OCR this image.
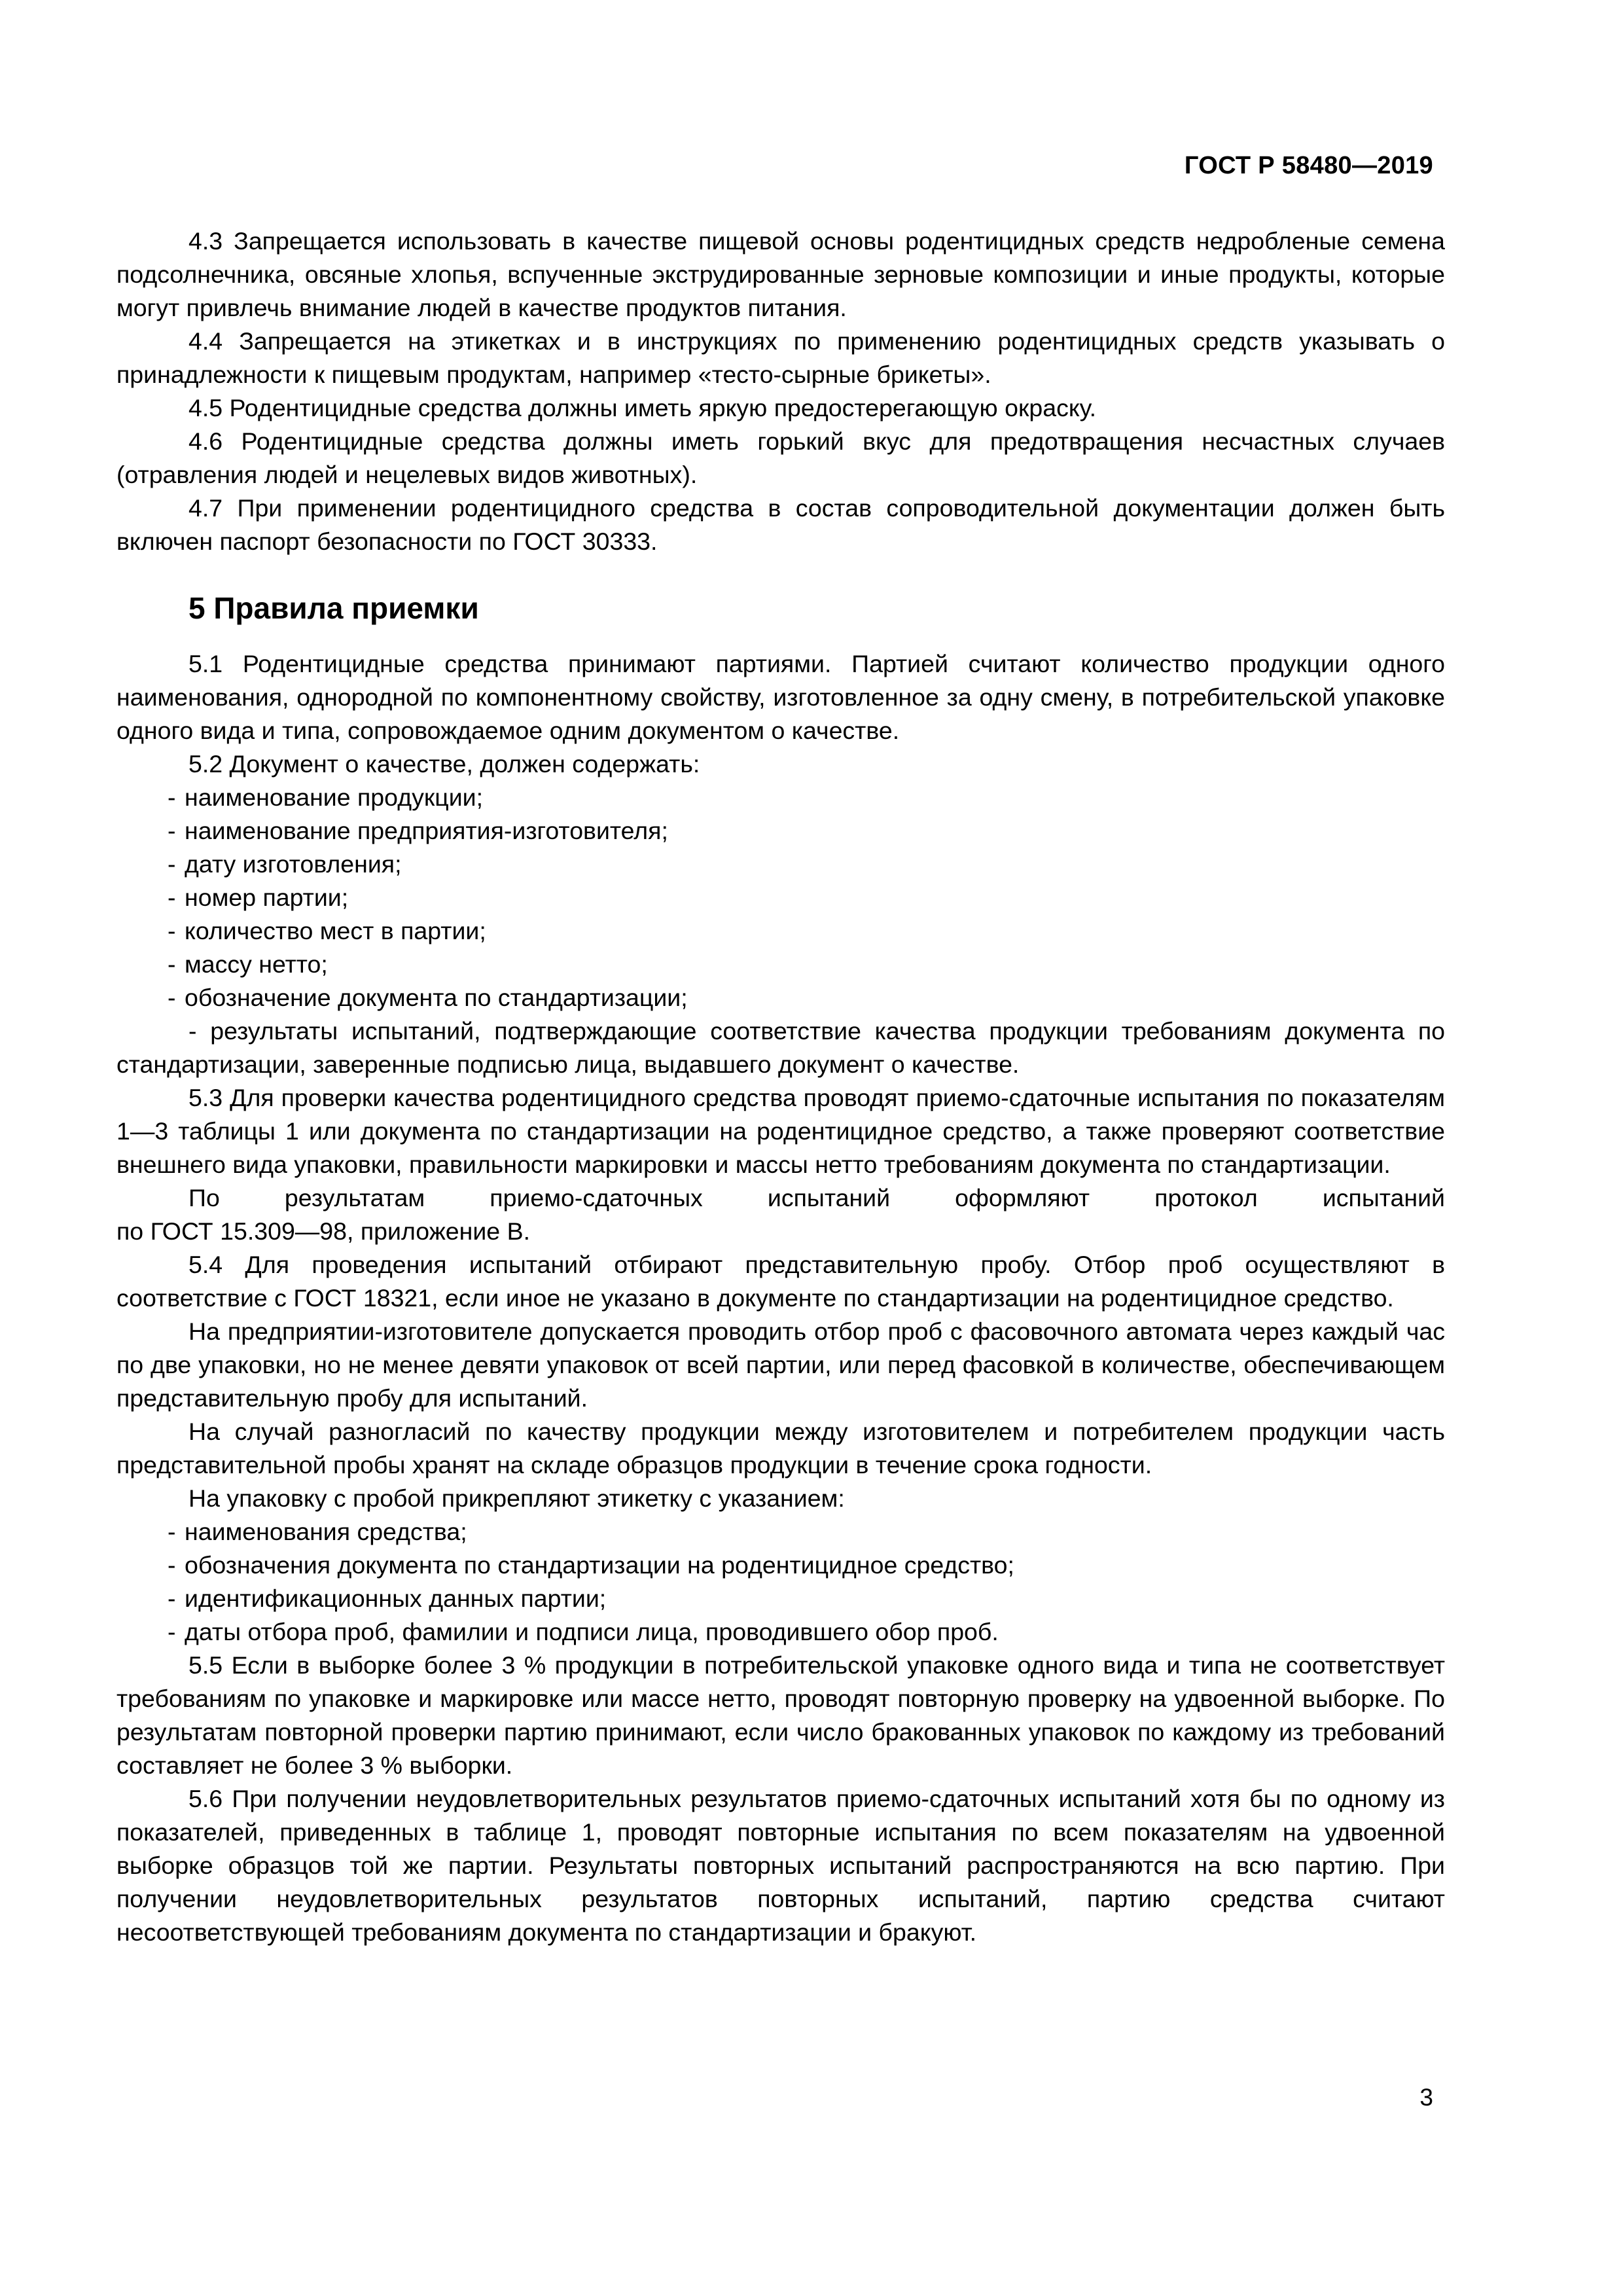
ГОСТ Р 58480—2019

4.3 Запрещается использовать в качестве пищевой основы родентицидных средств недробленые семена подсолнечника, овсяные хлопья, вспученные экструдированные зерновые композиции и иные продукты, которые могут привлечь внимание людей в качестве продуктов питания.

4.4 Запрещается на этикетках и в инструкциях по применению родентицидных средств указывать о принадлежности к пищевым продуктам, например «тесто-сырные брикеты».

4.5 Родентицидные средства должны иметь яркую предостерегающую окраску.

4.6 Родентицидные средства должны иметь горький вкус для предотвращения несчастных случаев (отравления людей и нецелевых видов животных).

4.7 При применении родентицидного средства в состав сопроводительной документации должен быть включен паспорт безопасности по ГОСТ 30333.

5 Правила приемки

5.1 Родентицидные средства принимают партиями. Партией считают количество продукции одного наименования, однородной по компонентному свойству, изготовленное за одну смену, в потребительской упаковке одного вида и типа, сопровождаемое одним документом о качестве.

5.2 Документ о качестве, должен содержать:

- наименование продукции;

- наименование предприятия-изготовителя;

- дату изготовления;

- номер партии;

- количество мест в партии;

- массу нетто;

- обозначение документа по стандартизации;

- результаты испытаний, подтверждающие соответствие качества продукции требованиям документа по стандартизации, заверенные подписью лица, выдавшего документ о качестве.

5.3 Для проверки качества родентицидного средства проводят приемо-сдаточные испытания по показателям 1—3 таблицы 1 или документа по стандартизации на родентицидное средство, а также проверяют соответствие внешнего вида упаковки, правильности маркировки и массы нетто требованиям документа по стандартизации.

По результатам приемо-сдаточных испытаний оформляют протокол испытаний

по ГОСТ 15.309—98, приложение В.

5.4 Для проведения испытаний отбирают представительную пробу. Отбор проб осуществляют в соответствие с ГОСТ 18321, если иное не указано в документе по стандартизации на родентицидное средство.

На предприятии-изготовителе допускается проводить отбор проб с фасовочного автомата через каждый час по две упаковки, но не менее девяти упаковок от всей партии, или перед фасовкой в количестве, обеспечивающем представительную пробу для испытаний.

На случай разногласий по качеству продукции между изготовителем и потребителем продукции часть представительной пробы хранят на складе образцов продукции в течение срока годности.

На упаковку с пробой прикрепляют этикетку с указанием:

- наименования средства;

- обозначения документа по стандартизации на родентицидное средство;

- идентификационных данных партии;

- даты отбора проб, фамилии и подписи лица, проводившего обор проб.

5.5 Если в выборке более 3 % продукции в потребительской упаковке одного вида и типа не соответствует требованиям по упаковке и маркировке или массе нетто, проводят повторную проверку на удвоенной выборке. По результатам повторной проверки партию принимают, если число бракованных упаковок по каждому из требований составляет не более 3 % выборки.

5.6 При получении неудовлетворительных результатов приемо-сдаточных испытаний хотя бы по одному из показателей, приведенных в таблице 1, проводят повторные испытания по всем показателям на удвоенной выборке образцов той же партии. Результаты повторных испытаний распространяются на всю партию. При получении неудовлетворительных результатов повторных испытаний, партию средства считают несоответствующей требованиям документа по стандартизации и бракуют.

3
